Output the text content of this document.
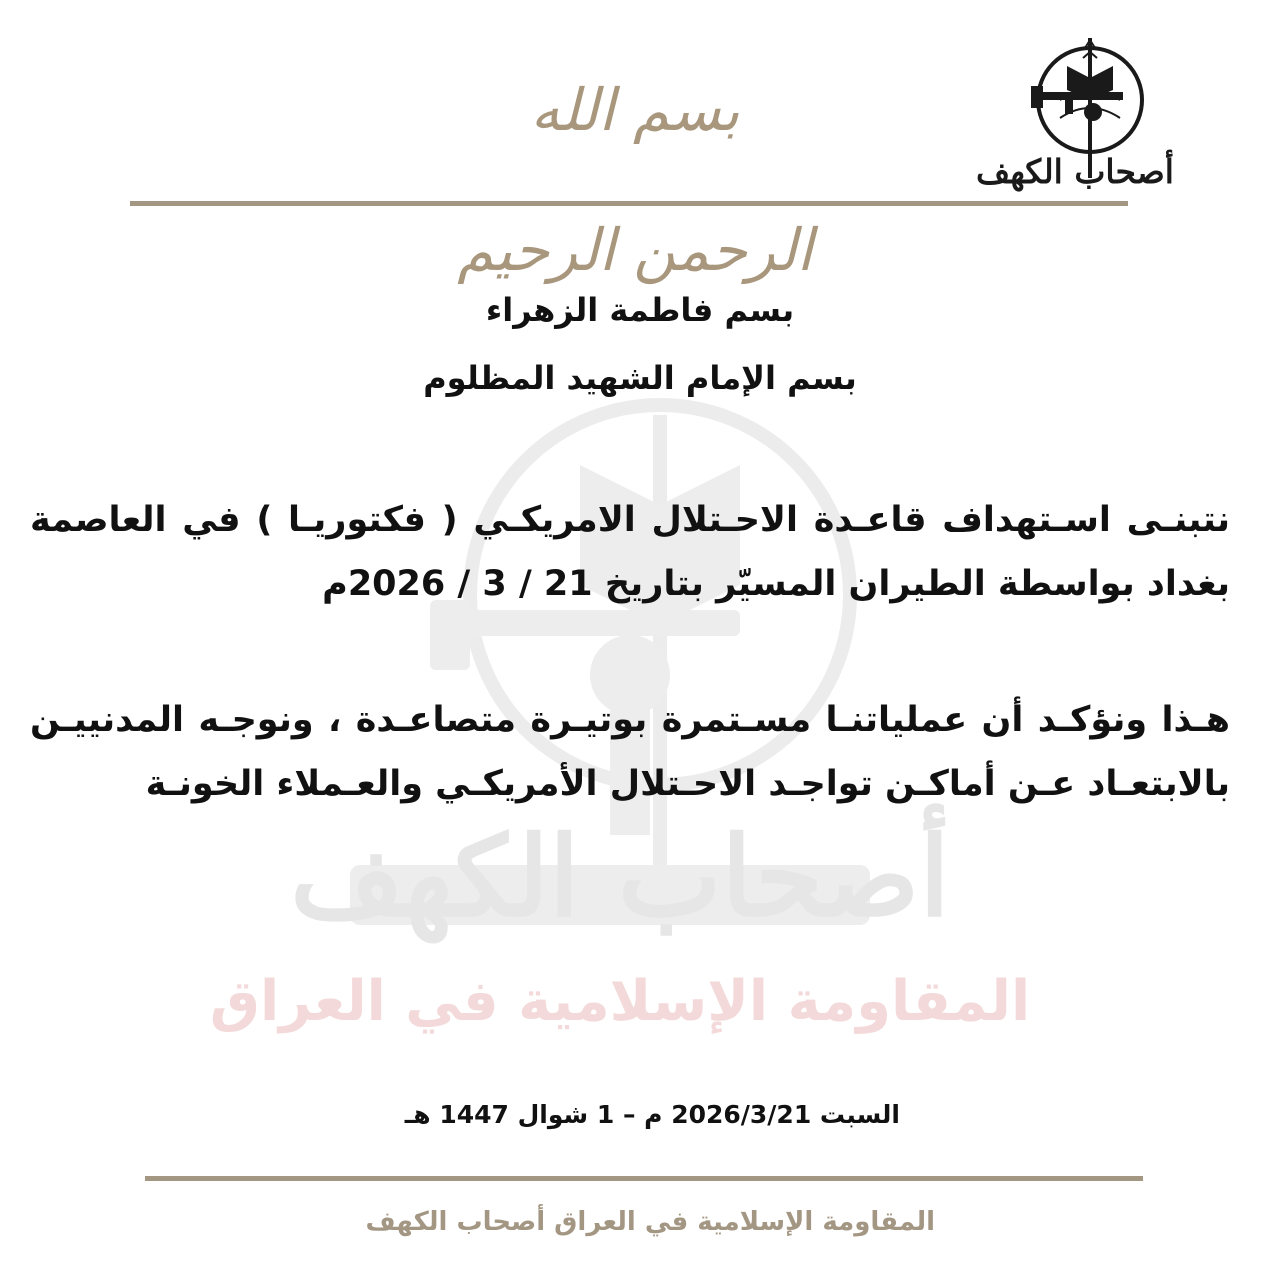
أصحاب الكهف
المقاومة الإسلامية في العراق
بسم الله الرحمن الرحيم
أصحاب الكهف
بسم فاطمة الزهراء
بسم الإمام الشهيد المظلوم
نتبنـى اسـتهداف قاعـدة الاحـتلال الامريكـي ( فكتوريـا ) في العاصمة بغداد بواسطة الطيران المسيّر بتاريخ 21 / 3 / 2026م
هـذا ونؤكـد أن عملياتنـا مسـتمرة بوتيـرة متصاعـدة ، ونوجـه المدنييـن بالابتعـاد عـن أماكـن تواجـد الاحـتلال الأمريكـي والعـملاء الخونـة
السبت 2026/3/21 م – 1 شوال 1447 هـ
المقاومة الإسلامية في العراق أصحاب الكهف
